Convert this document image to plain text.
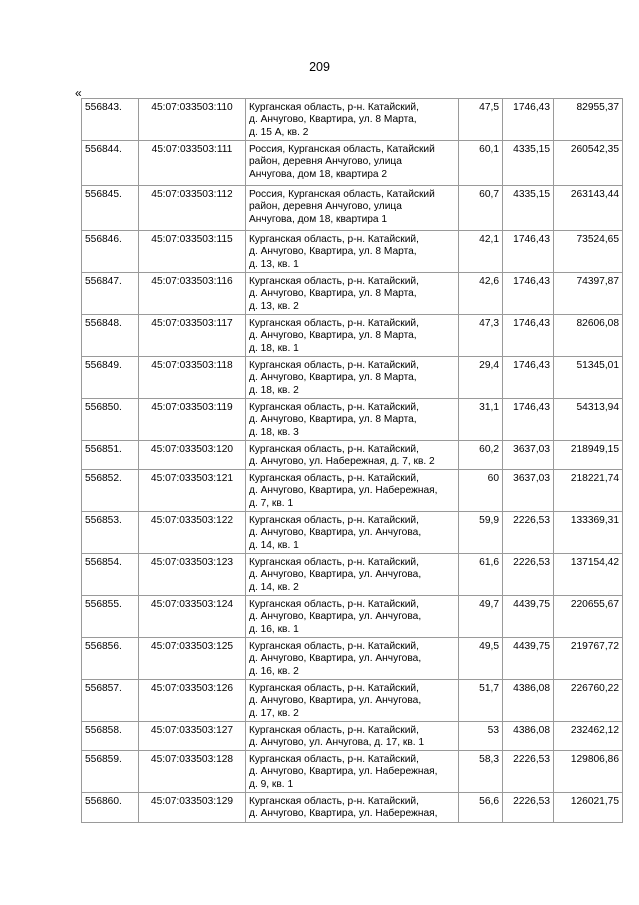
209
«
556843.	45:07:033503:110	Курганская область, р-н. Катайский,
д. Анчугово, Квартира, ул. 8 Марта,
д. 15 А, кв. 2	47,5	1746,43	82955,37
556844.	45:07:033503:111	Россия, Курганская область, Катайский
район, деревня Анчугово, улица
Анчугова, дом 18, квартира 2	60,1	4335,15	260542,35
556845.	45:07:033503:112	Россия, Курганская область, Катайский
район, деревня Анчугово, улица
Анчугова, дом 18, квартира 1	60,7	4335,15	263143,44
556846.	45:07:033503:115	Курганская область, р-н. Катайский,
д. Анчугово, Квартира, ул. 8 Марта,
д. 13, кв. 1	42,1	1746,43	73524,65
556847.	45:07:033503:116	Курганская область, р-н. Катайский,
д. Анчугово, Квартира, ул. 8 Марта,
д. 13, кв. 2	42,6	1746,43	74397,87
556848.	45:07:033503:117	Курганская область, р-н. Катайский,
д. Анчугово, Квартира, ул. 8 Марта,
д. 18, кв. 1	47,3	1746,43	82606,08
556849.	45:07:033503:118	Курганская область, р-н. Катайский,
д. Анчугово, Квартира, ул. 8 Марта,
д. 18, кв. 2	29,4	1746,43	51345,01
556850.	45:07:033503:119	Курганская область, р-н. Катайский,
д. Анчугово, Квартира, ул. 8 Марта,
д. 18, кв. 3	31,1	1746,43	54313,94
556851.	45:07:033503:120	Курганская область, р-н. Катайский,
д. Анчугово, ул. Набережная, д. 7, кв. 2	60,2	3637,03	218949,15
556852.	45:07:033503:121	Курганская область, р-н. Катайский,
д. Анчугово, Квартира, ул. Набережная,
д. 7, кв. 1	60	3637,03	218221,74
556853.	45:07:033503:122	Курганская область, р-н. Катайский,
д. Анчугово, Квартира, ул. Анчугова,
д. 14, кв. 1	59,9	2226,53	133369,31
556854.	45:07:033503:123	Курганская область, р-н. Катайский,
д. Анчугово, Квартира, ул. Анчугова,
д. 14, кв. 2	61,6	2226,53	137154,42
556855.	45:07:033503:124	Курганская область, р-н. Катайский,
д. Анчугово, Квартира, ул. Анчугова,
д. 16, кв. 1	49,7	4439,75	220655,67
556856.	45:07:033503:125	Курганская область, р-н. Катайский,
д. Анчугово, Квартира, ул. Анчугова,
д. 16, кв. 2	49,5	4439,75	219767,72
556857.	45:07:033503:126	Курганская область, р-н. Катайский,
д. Анчугово, Квартира, ул. Анчугова,
д. 17, кв. 2	51,7	4386,08	226760,22
556858.	45:07:033503:127	Курганская область, р-н. Катайский,
д. Анчугово, ул. Анчугова, д. 17, кв. 1	53	4386,08	232462,12
556859.	45:07:033503:128	Курганская область, р-н. Катайский,
д. Анчугово, Квартира, ул. Набережная,
д. 9, кв. 1	58,3	2226,53	129806,86
556860.	45:07:033503:129	Курганская область, р-н. Катайский,
д. Анчугово, Квартира, ул. Набережная,	56,6	2226,53	126021,75
